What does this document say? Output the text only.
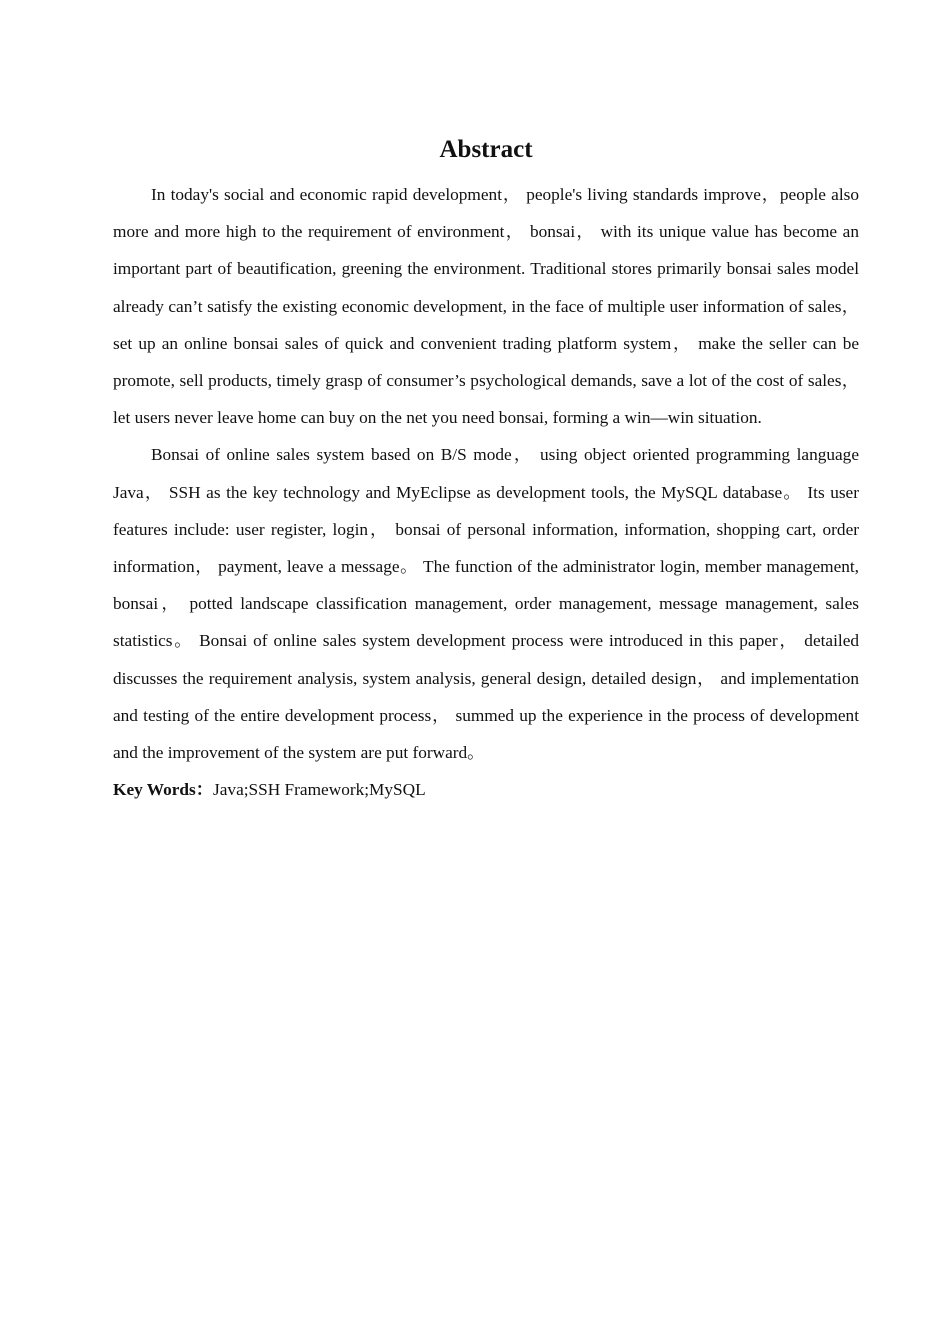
Abstract

In today's social and economic rapid development， people's living standards improve，people also more and more high to the requirement of environment， bonsai， with its unique value has become an important part of beautification, greening the environment. Traditional stores primarily bonsai sales model already can’t satisfy the existing economic development, in the face of multiple user information of sales， set up an online bonsai sales of quick and convenient trading platform system， make the seller can be promote, sell products, timely grasp of consumer’s psychological demands, save a lot of the cost of sales， let users never leave home can buy on the net you need bonsai, forming a win—win situation.

Bonsai of online sales system based on B/S mode， using object oriented programming language Java， SSH as the key technology and MyEclipse as development tools, the MySQL database。 Its user features include: user register, login， bonsai of personal information, information, shopping cart, order information， payment, leave a message。 The function of the administrator login, member management, bonsai， potted landscape classification management, order management, message management, sales statistics。 Bonsai of online sales system development process were introduced in this paper， detailed discusses the requirement analysis, system analysis, general design, detailed design， and implementation and testing of the entire development process， summed up the experience in the process of development and the improvement of the system are put forward。

Key Words：Java;SSH Framework;MySQL
